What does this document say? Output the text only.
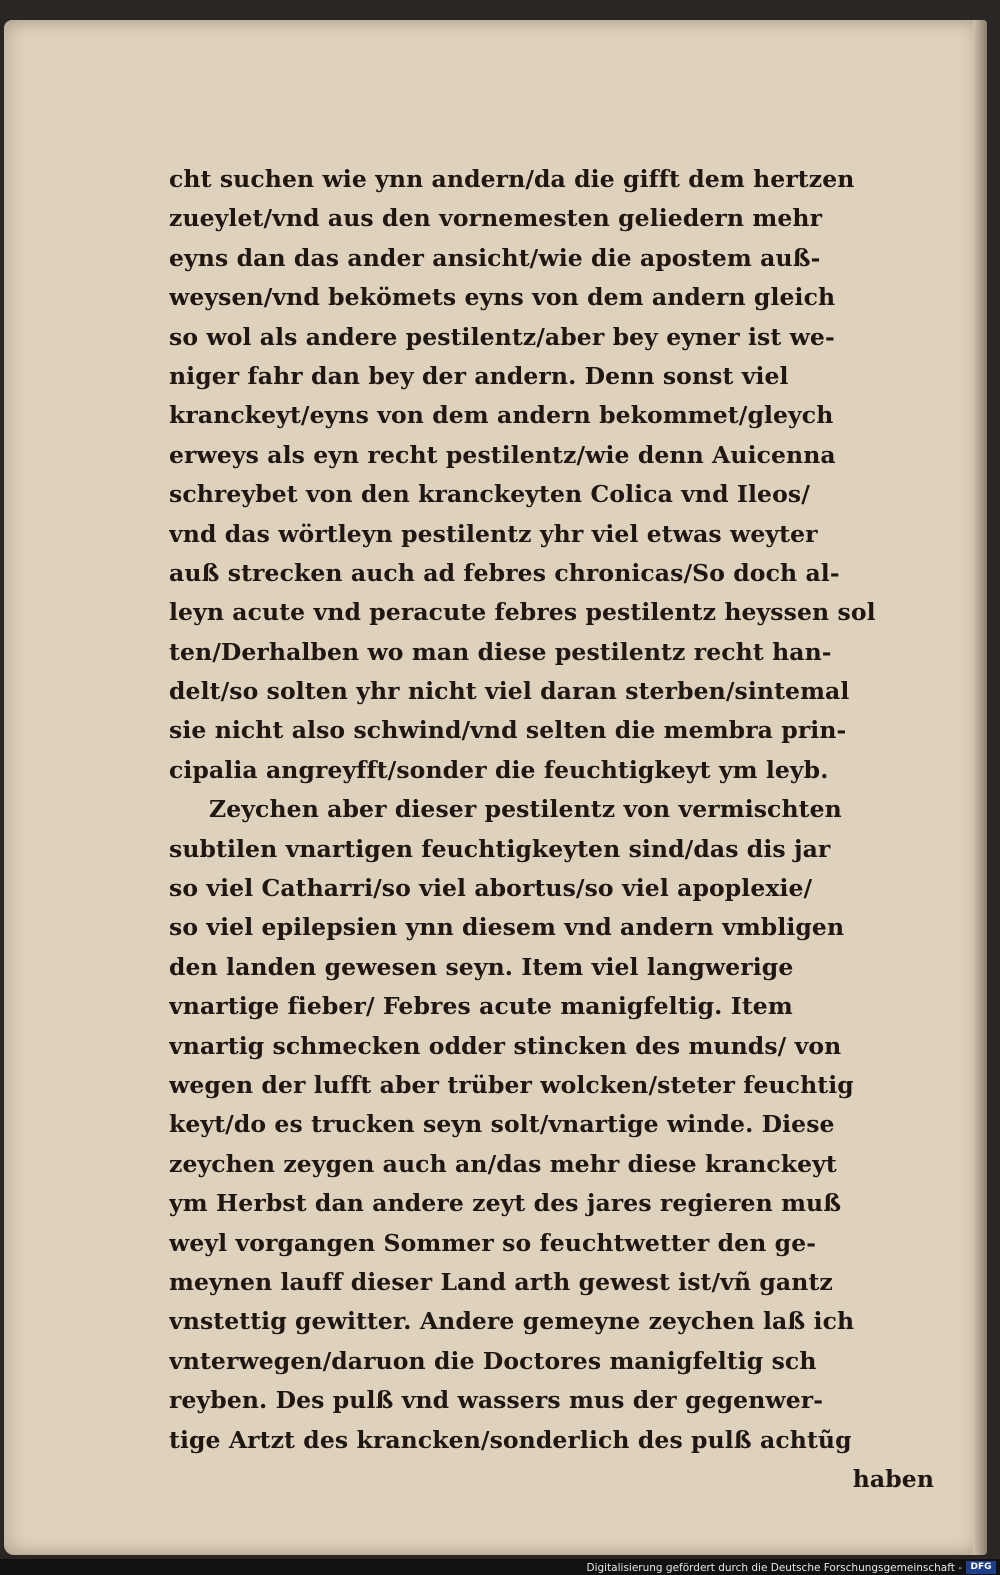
cht suchen wie ynn andern/da die gifft dem hertzen
zueylet/vnd aus den vornemesten geliedern mehr
eyns dan das ander ansicht/wie die apostem auß-
weysen/vnd bekömets eyns von dem andern gleich
so wol als andere pestilentz/aber bey eyner ist we-
niger fahr dan bey der andern. Denn sonst viel
kranckeyt/eyns von dem andern bekommet/gleych
erweys als eyn recht pestilentz/wie denn Auicenna
schreybet von den kranckeyten Colica vnd Ileos/
vnd das wörtleyn pestilentz yhr viel etwas weyter
auß strecken auch ad febres chronicas/So doch al-
leyn acute vnd peracute febres pestilentz heyssen sol
ten/Derhalben wo man diese pestilentz recht han-
delt/so solten yhr nicht viel daran sterben/sintemal
sie nicht also schwind/vnd selten die membra prin-
cipalia angreyfft/sonder die feuchtigkeyt ym leyb.
Zeychen aber dieser pestilentz von vermischten
subtilen vnartigen feuchtigkeyten sind/das dis jar
so viel Catharri/so viel abortus/so viel apoplexie/
so viel epilepsien ynn diesem vnd andern vmbligen
den landen gewesen seyn. Item viel langwerige
vnartige fieber/ Febres acute manigfeltig. Item
vnartig schmecken odder stincken des munds/ von
wegen der lufft aber trüber wolcken/steter feuchtig
keyt/do es trucken seyn solt/vnartige winde. Diese
zeychen zeygen auch an/das mehr diese kranckeyt
ym Herbst dan andere zeyt des jares regieren muß
weyl vorgangen Sommer so feuchtwetter den ge-
meynen lauff dieser Land arth gewest ist/vñ gantz
vnstettig gewitter. Andere gemeyne zeychen laß ich
vnterwegen/daruon die Doctores manigfeltig sch
reyben. Des pulß vnd wassers mus der gegenwer-
tige Artzt des krancken/sonderlich des pulß achtũg
haben
Digitalisierung gefördert durch die Deutsche Forschungsgemeinschaft - DFG
